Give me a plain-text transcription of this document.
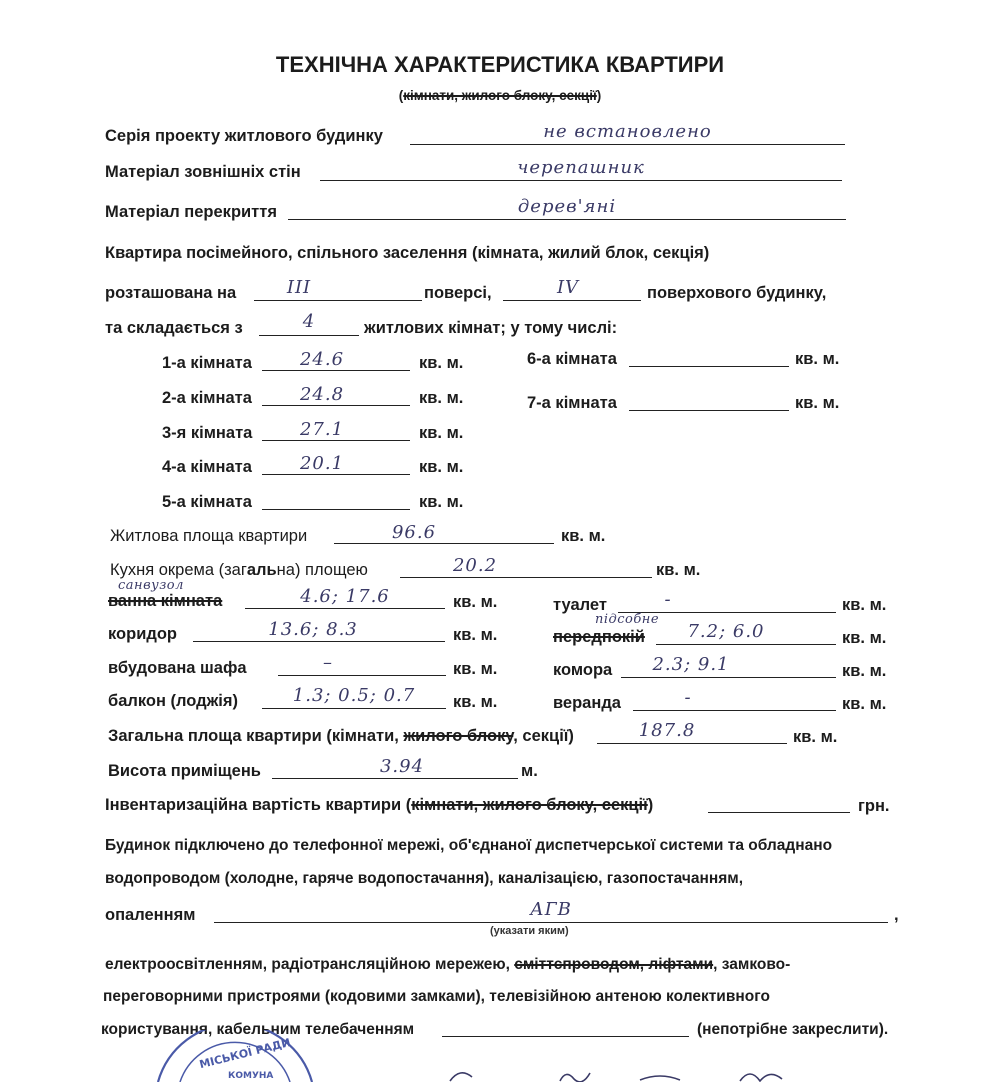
ТЕХНІЧНА ХАРАКТЕРИСТИКА КВАРТИРИ
(кімнати, жилого блоку, секції)
Серія проекту житлового будинку	не встановлено
Матеріал зовнішніх стін	черепашник
Матеріал перекриття	дерев'яні
Квартира посімейного, спільного заселення (кімната, жилий блок, секція)
розташована на	III	поверсі,	IV	поверхового будинку,
та складається з	4	житлових кімнат; у тому числі:
1-а кімната	24.6	кв. м.
2-а кімната	24.8	кв. м.
3-я кімната	27.1	кв. м.
4-а кімната	20.1	кв. м.
5-а кімната	кв. м.
6-а кімната	кв. м.
7-а кімната	кв. м.
Житлова площа квартири	96.6	кв. м.
Кухня окрема (загальна) площею	20.2	кв. м.
санвузол
ванна кімната	4.6; 17.6	кв. м.	туалет	-	кв. м.
коридор	13.6; 8.3	кв. м.
підсобне
передпокій	7.2; 6.0	кв. м.
вбудована шафа	–	кв. м.	комора	2.3; 9.1	кв. м.
балкон (лоджія)	1.3; 0.5; 0.7	кв. м.	веранда	-	кв. м.
Загальна площа квартири (кімнати, жилого блоку, секції)	187.8	кв. м.
Висота приміщень	3.94	м.
Інвентаризаційна вартість квартири (кімнати, жилого блоку, секції)	грн.
Будинок підключено до телефонної мережі, об'єднаної диспетчерської системи та обладнано
водопроводом (холодне, гаряче водопостачання), каналізацією, газопостачанням,
опаленням	АГВ	,
(указати яким)
електроосвітленням, радіотрансляційною мережею, сміттєпроводом, ліфтами, замково-
переговорними пристроями (кодовими замками), телевізійною антеною колективного
користування, кабельним телебаченням	(непотрібне закреслити).
МІСЬКОЇ РАДИ
КОМУНА
